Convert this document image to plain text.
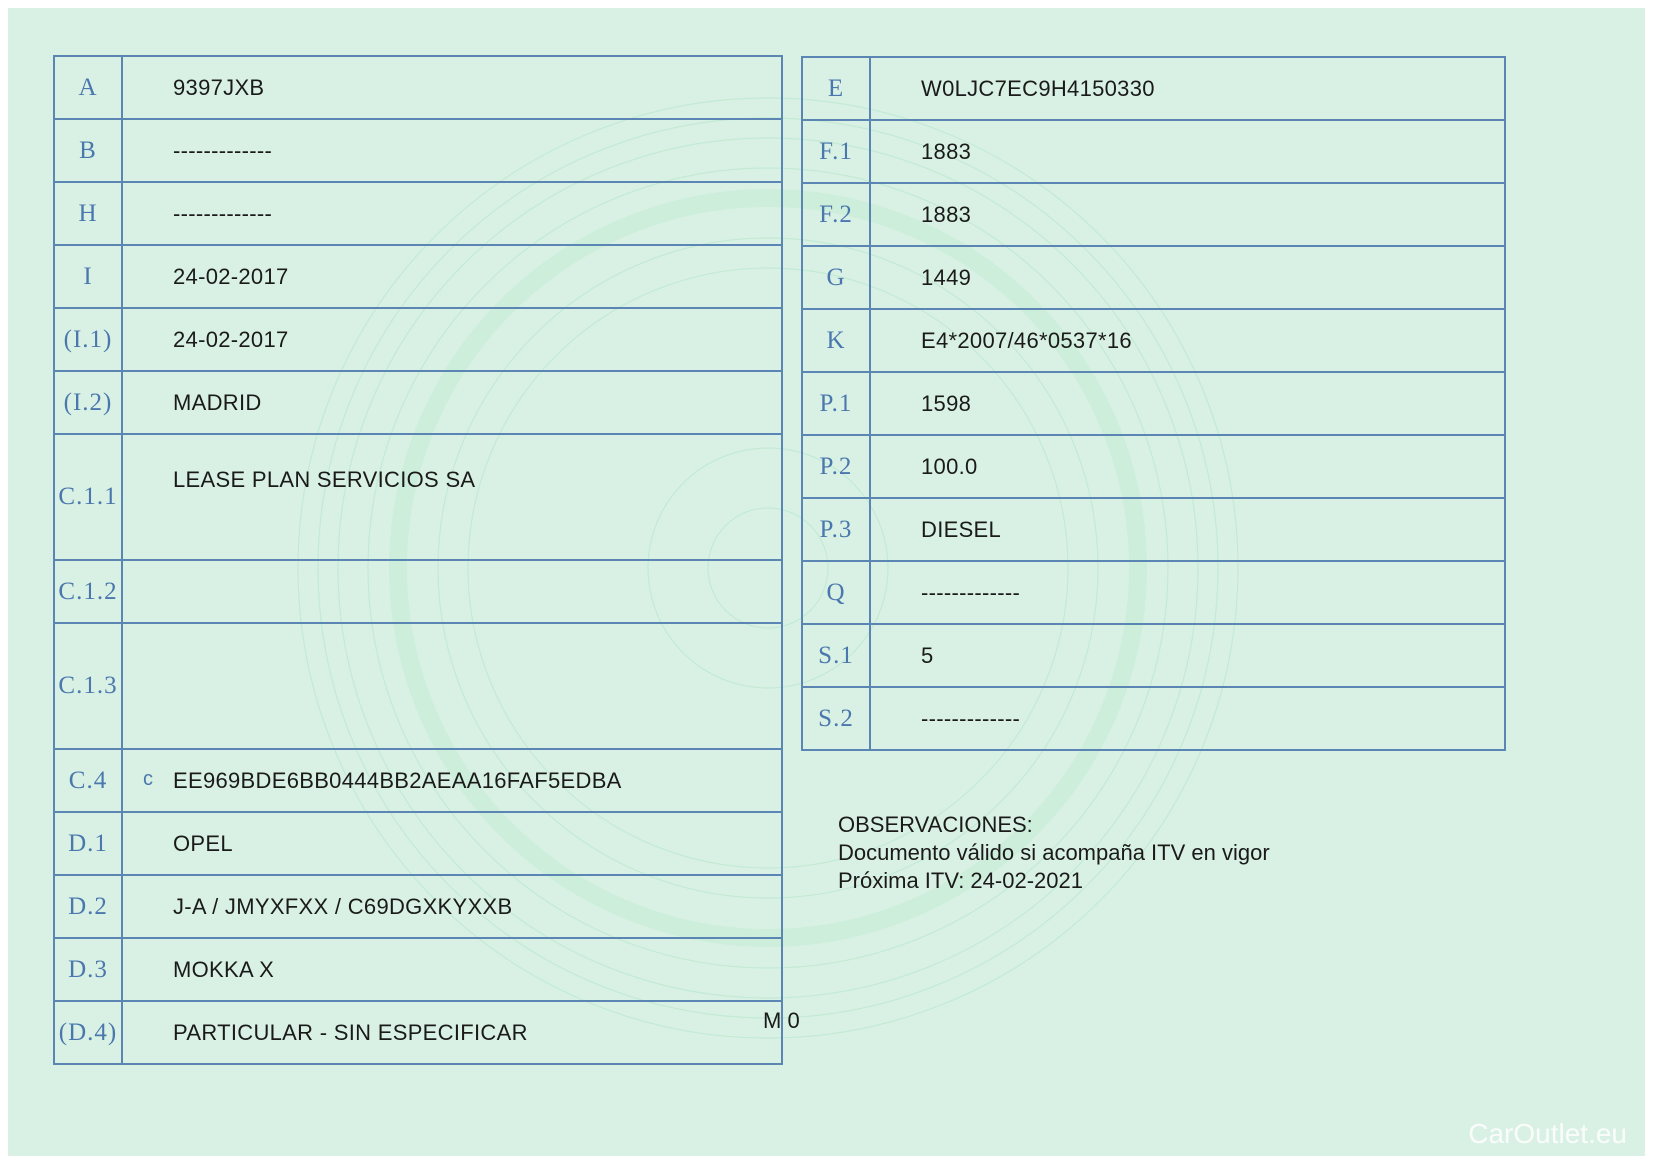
A	9397JXB
B	-------------
H	-------------
I	24-02-2017
(I.1)	24-02-2017
(I.2)	MADRID
C.1.1	LEASE PLAN SERVICIOS SA
C.1.2	
C.1.3	
C.4	c EE969BDE6BB0444BB2AEAA16FAF5EDBA
D.1	OPEL
D.2	J-A / JMYXFXX / C69DGXKYXXB
D.3	MOKKA X
(D.4)	PARTICULAR - SIN ESPECIFICAR
E	W0LJC7EC9H4150330
F.1	1883
F.2	1883
G	1449
K	E4*2007/46*0537*16
P.1	1598
P.2	100.0
P.3	DIESEL
Q	-------------
S.1	5
S.2	-------------
OBSERVACIONES:
Documento válido si acompaña ITV en vigor
Próxima ITV: 24-02-2021
M 0
CarOutlet.eu
